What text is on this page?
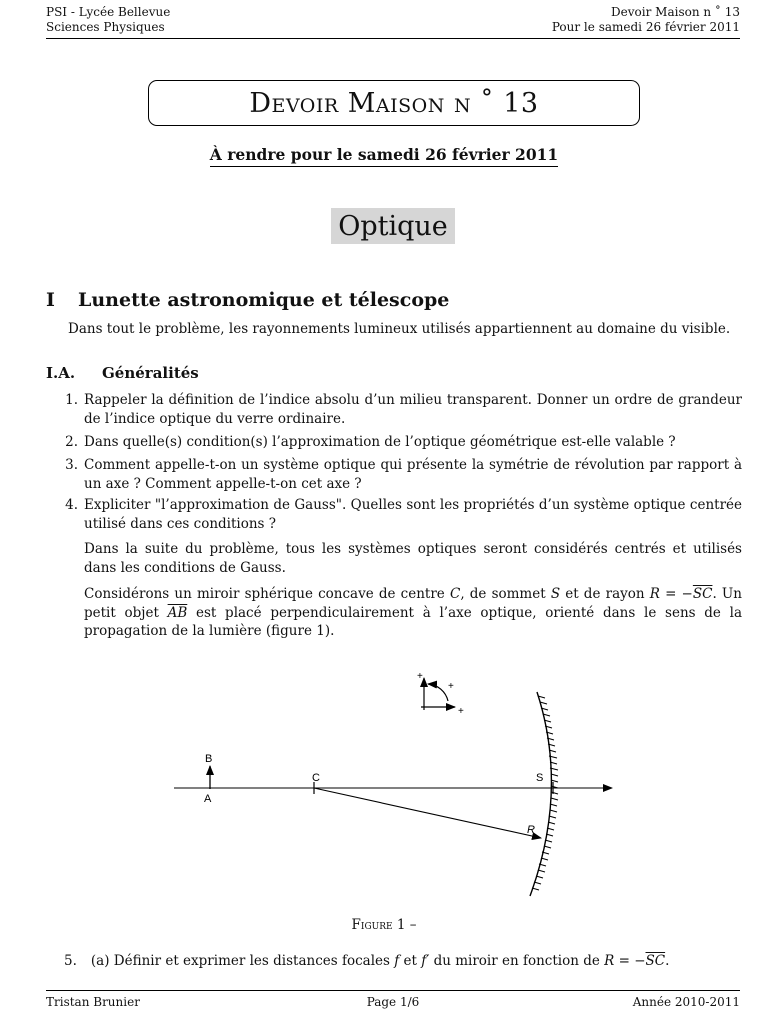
PSI - Lycée Bellevue
Sciences Physiques
Devoir Maison n ˚ 13
Pour le samedi 26 février 2011
Devoir Maison n ˚ 13
À rendre pour le samedi 26 février 2011
Optique
I Lunette astronomique et télescope
Dans tout le problème, les rayonnements lumineux utilisés appartiennent au domaine du visible.
I.A. Généralités
1. Rappeler la définition de l’indice absolu d’un milieu transparent. Donner un ordre de grandeur de l’indice optique du verre ordinaire.
2. Dans quelle(s) condition(s) l’approximation de l’optique géométrique est-elle valable ?
3. Comment appelle-t-on un système optique qui présente la symétrie de révolution par rapport à un axe ? Comment appelle-t-on cet axe ?
4. Expliciter "l’approximation de Gauss". Quelles sont les propriétés d’un système optique centrée utilisé dans ces conditions ?
Dans la suite du problème, tous les systèmes optiques seront considérés centrés et utilisés dans les conditions de Gauss.
Considérons un miroir sphérique concave de centre C, de sommet S et de rayon $R = -\overline{SC}$. Un petit objet $\overline{AB}$ est placé perpendiculairement à l’axe optique, orienté dans le sens de la propagation de la lumière (figure 1).
+
+
+
B
A
C
R
S
Figure 1 –
5. (a) Définir et exprimer les distances focales f et f′ du miroir en fonction de $R = -\overline{SC}$.
Tristan Brunier	Page 1/6	Année 2010-2011
